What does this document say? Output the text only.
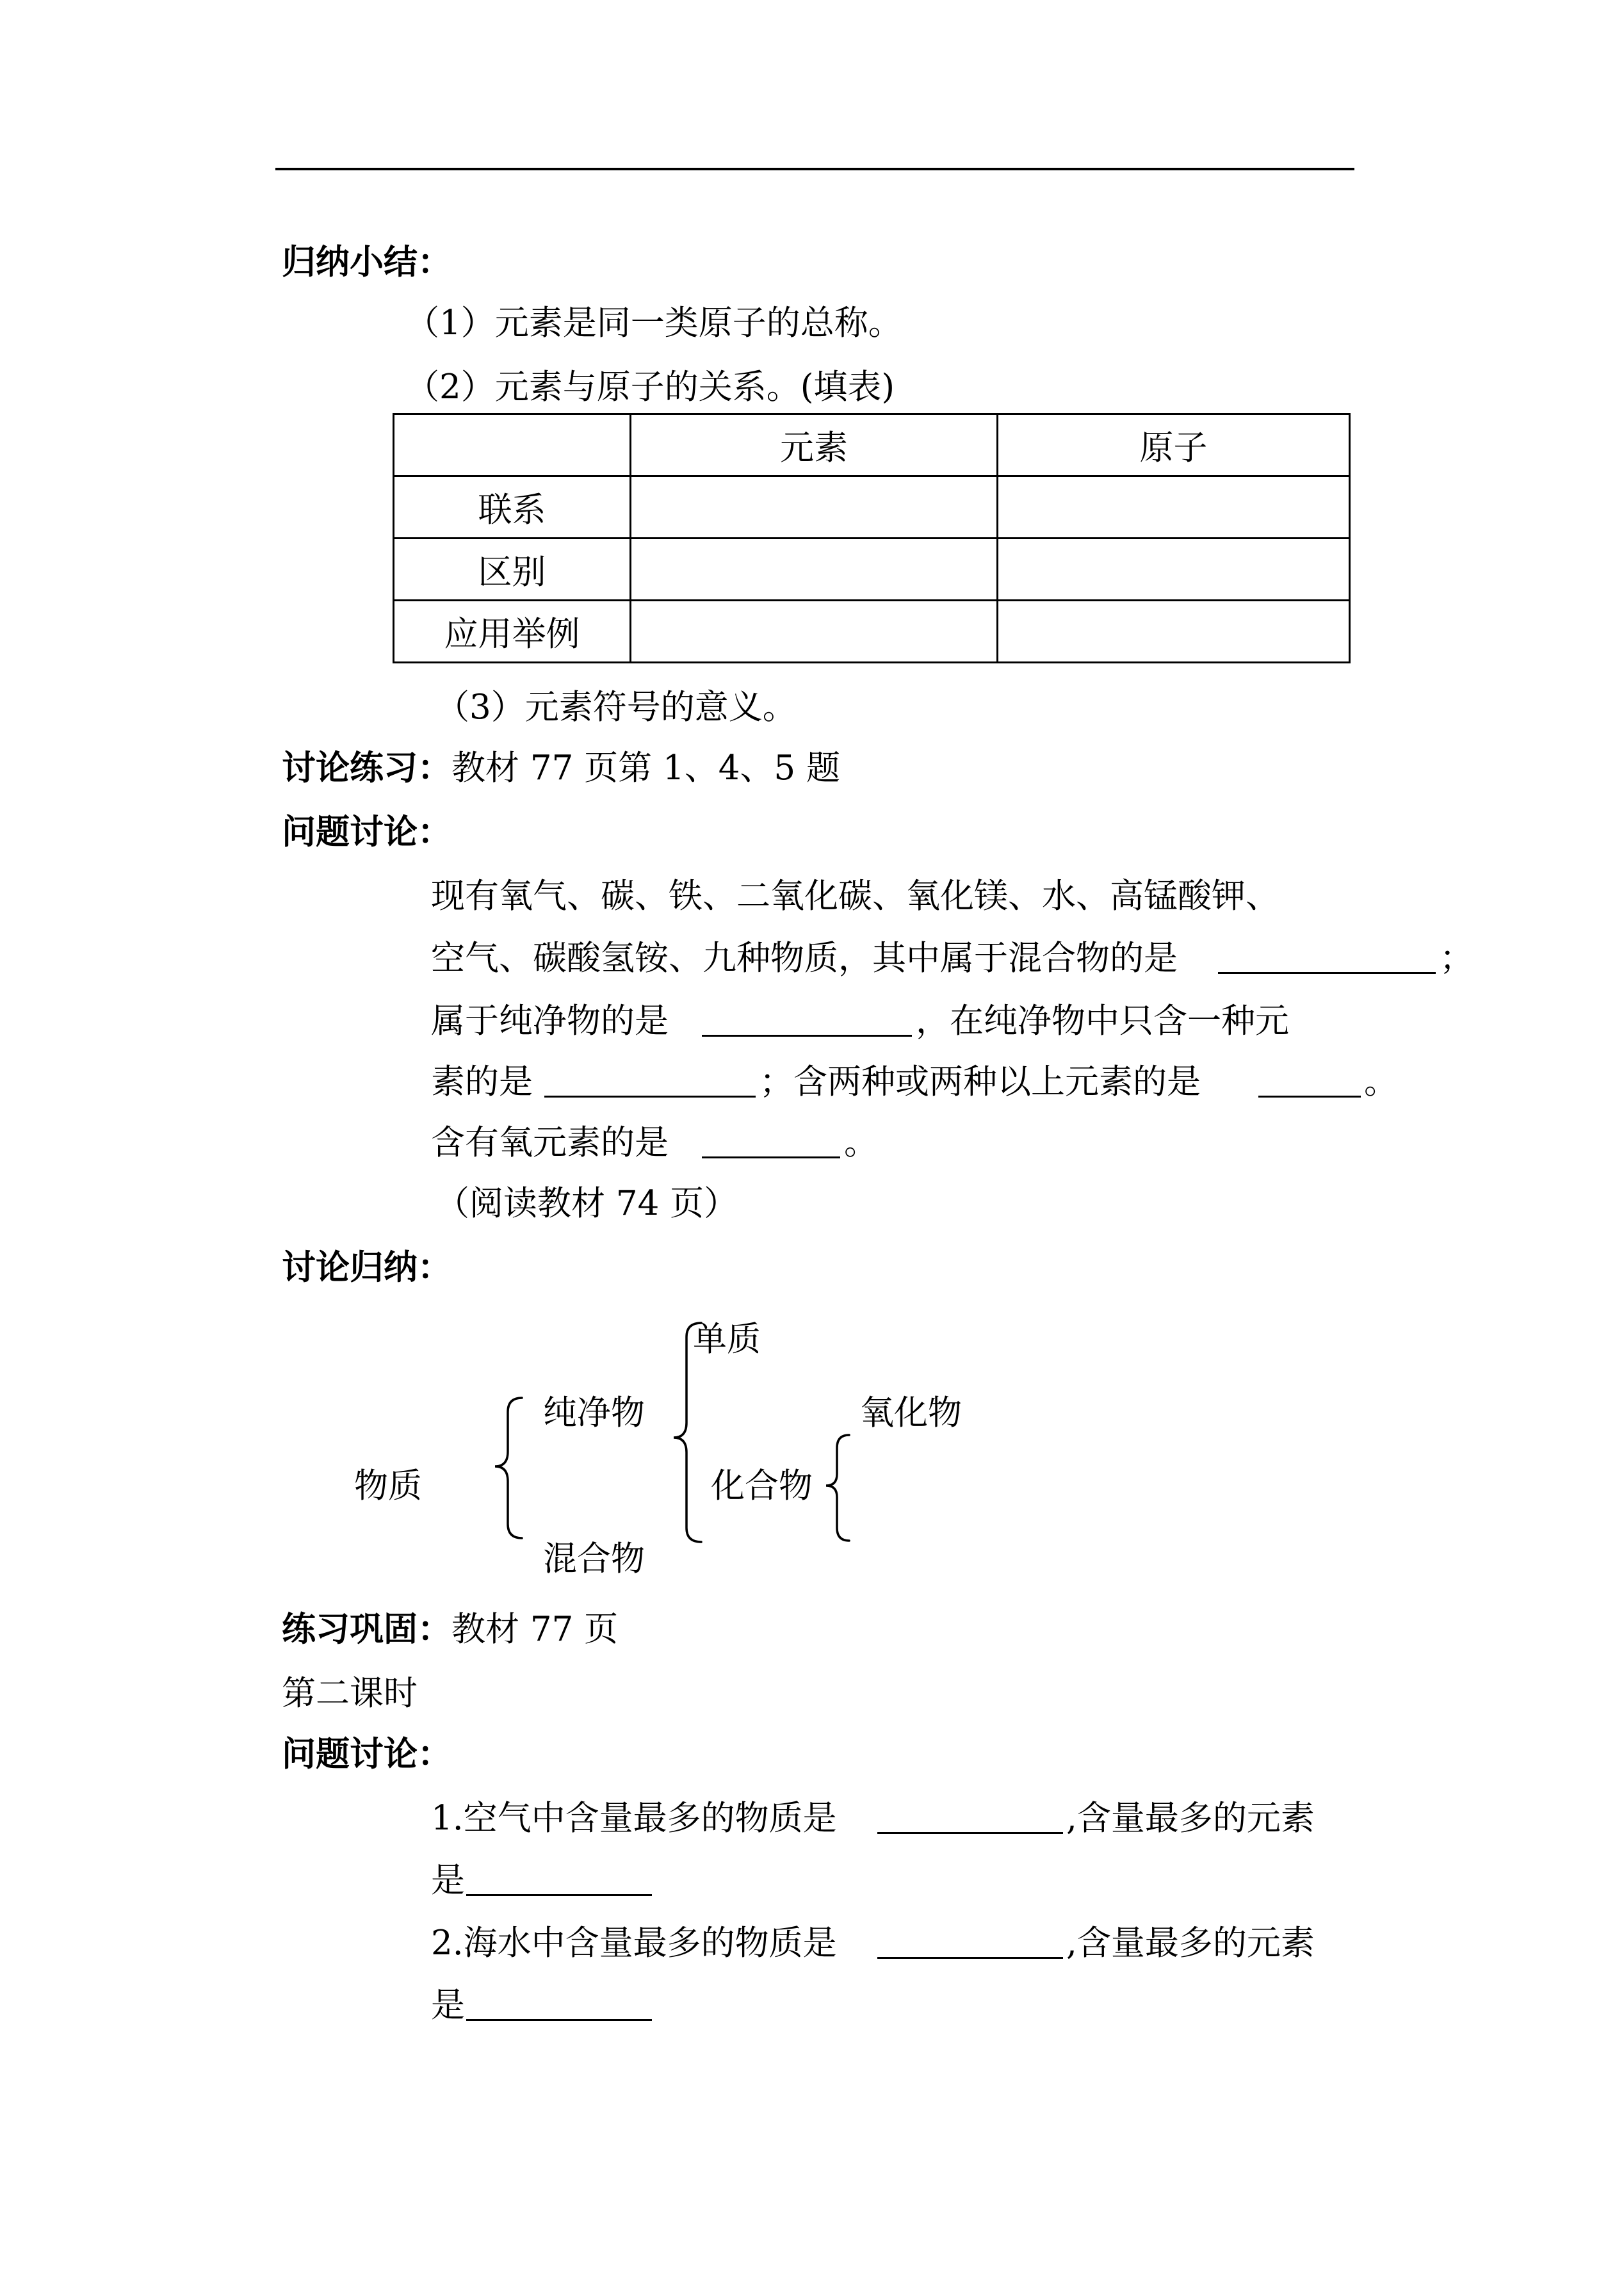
归纳小结：
（1）元素是同一类原子的总称。
（2）元素与原子的关系。(填表)
	元素	原子
联系		
区别		
应用举例		
（3）元素符号的意义。
讨论练习：教材 77 页第 1、4、5 题
问题讨论：
现有氧气、碳、铁、二氧化碳、氧化镁、水、高锰酸钾、
空气、碳酸氢铵、九种物质，其中属于混合物的是	；
属于纯净物的是	，在纯净物中只含一种元
素的是	；含两种或两种以上元素的是	。
含有氧元素的是	。
（阅读教材 74 页）
讨论归纳：
物质
纯净物
混合物
单质
化合物
氧化物
练习巩固：教材 77 页
第二课时
问题讨论：
1.空气中含量最多的物质是	,含量最多的元素
是
2.海水中含量最多的物质是	,含量最多的元素
是
